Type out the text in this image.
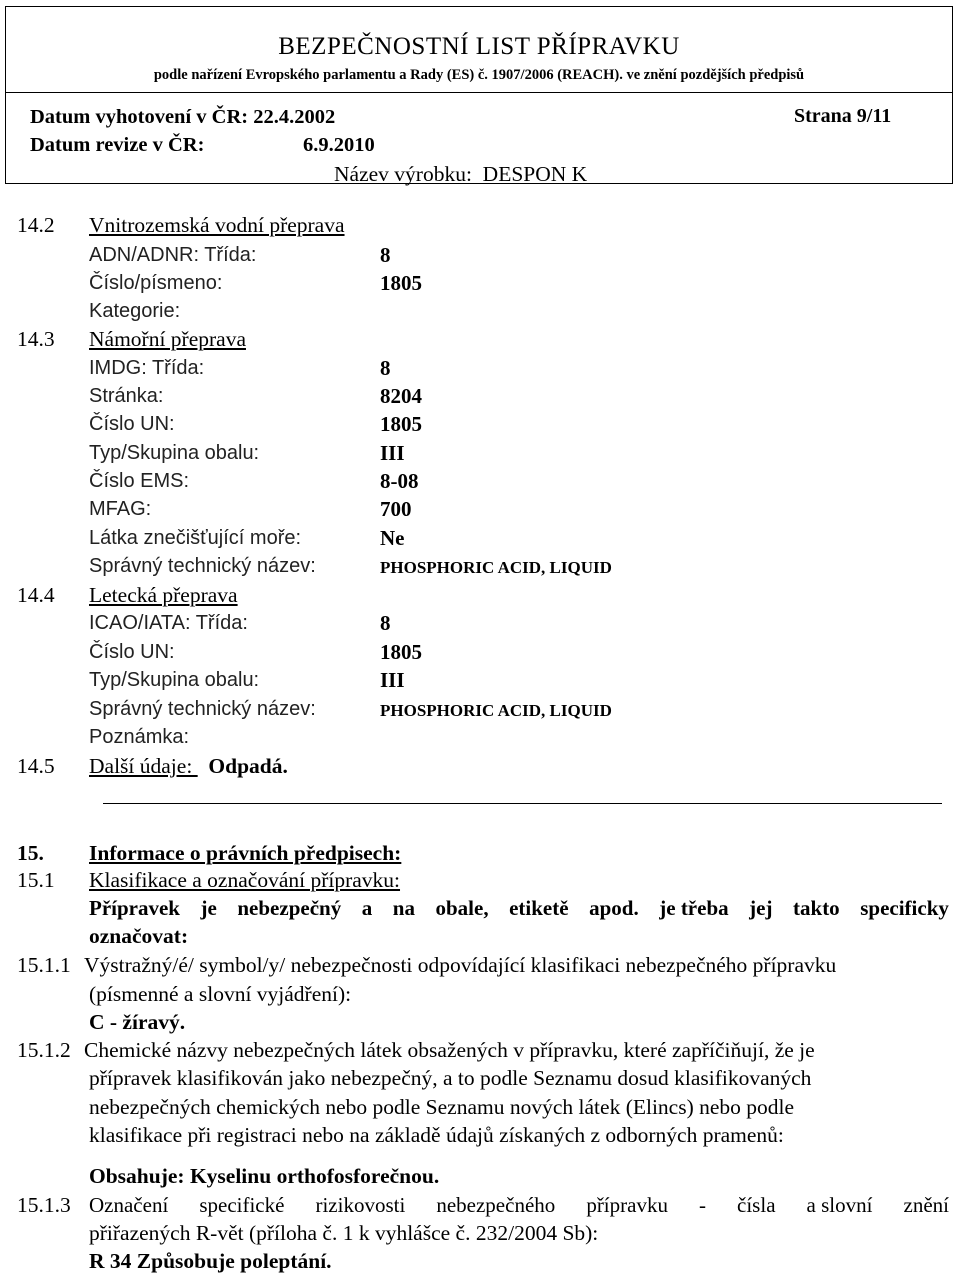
BEZPEČNOSTNÍ LIST PŘÍPRAVKU
podle nařízení Evropského parlamentu a Rady (ES) č. 1907/2006 (REACH). ve znění pozdějších předpisů
Datum vyhotovení v ČR: 22.4.2002
Datum revize v ČR:	6.9.2010
Strana 9/11
Název výrobku: DESPON K
14.2 Vnitrozemská vodní přeprava
ADN/ADNR: Třída:	8
Číslo/písmeno:	1805
Kategorie:
14.3 Námořní přeprava
IMDG: Třída:	8
Stránka:	8204
Číslo UN:	1805
Typ/Skupina obalu:	III
Číslo EMS:	8-08
MFAG:	700
Látka znečišťující moře:	Ne
Správný technický název:	PHOSPHORIC ACID, LIQUID
14.4 Letecká přeprava
ICAO/IATA: Třída:	8
Číslo UN:	1805
Typ/Skupina obalu:	III
Správný technický název:	PHOSPHORIC ACID, LIQUID
Poznámka:
14.5 Další údaje:   Odpadá.
15. Informace o právních předpisech:
15.1 Klasifikace a označování přípravku:
Přípravek je nebezpečný a na obale, etiketě apod. je třeba jej takto specificky
označovat:
15.1.1 Výstražný/é/ symbol/y/ nebezpečnosti odpovídající klasifikaci nebezpečného přípravku
(písmenné a slovní vyjádření):
C - žíravý.
15.1.2 Chemické názvy nebezpečných látek obsažených v přípravku, které zapříčiňují, že je
přípravek klasifikován jako nebezpečný, a to podle Seznamu dosud klasifikovaných
nebezpečných chemických nebo podle Seznamu nových látek (Elincs) nebo podle
klasifikace při registraci nebo na základě údajů získaných z odborných pramenů:
Obsahuje: Kyselinu orthofosforečnou.
15.1.3 Označení specifické rizikovosti nebezpečného přípravku - čísla a slovní znění
přiřazených R-vět (příloha č. 1 k vyhlášce č. 232/2004 Sb):
R 34 Způsobuje poleptání.
